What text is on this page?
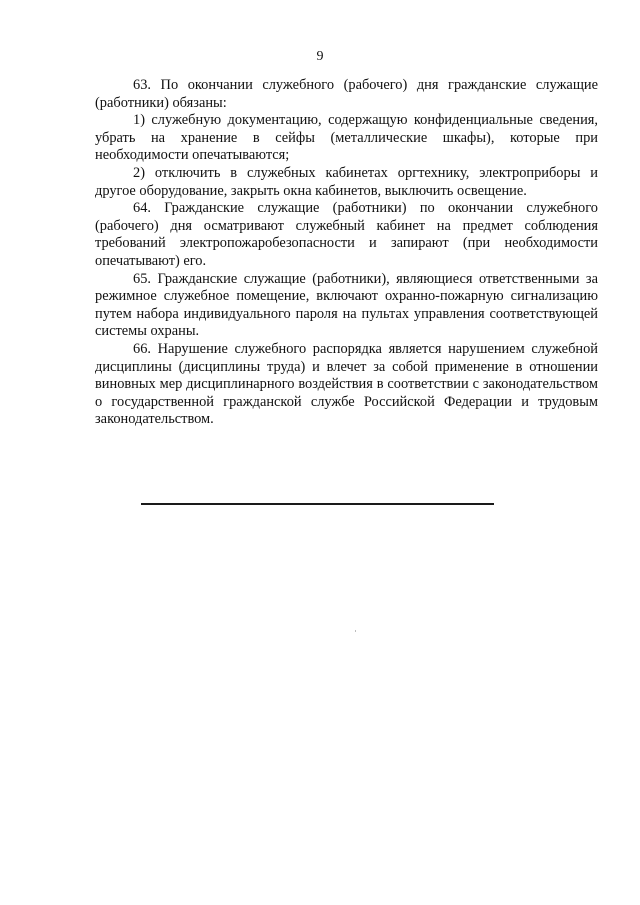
9

63. По окончании служебного (рабочего) дня гражданские служащие (работники) обязаны:

1) служебную документацию, содержащую конфиденциальные сведения, убрать на хранение в сейфы (металлические шкафы), которые при необходимости опечатываются;

2) отключить в служебных кабинетах оргтехнику, электроприборы и другое оборудование, закрыть окна кабинетов, выключить освещение.

64. Гражданские служащие (работники) по окончании служебного (рабочего) дня осматривают служебный кабинет на предмет соблюдения требований электропожаробезопасности и запирают (при необходимости опечатывают) его.

65. Гражданские служащие (работники), являющиеся ответственными за режимное служебное помещение, включают охранно-пожарную сигнализацию путем набора индивидуального пароля на пультах управления соответствующей системы охраны.

66. Нарушение служебного распорядка является нарушением служебной дисциплины (дисциплины труда) и влечет за собой применение в отношении виновных мер дисциплинарного воздействия в соответствии с законодательством о государственной гражданской службе Российской Федерации и трудовым законодательством.
